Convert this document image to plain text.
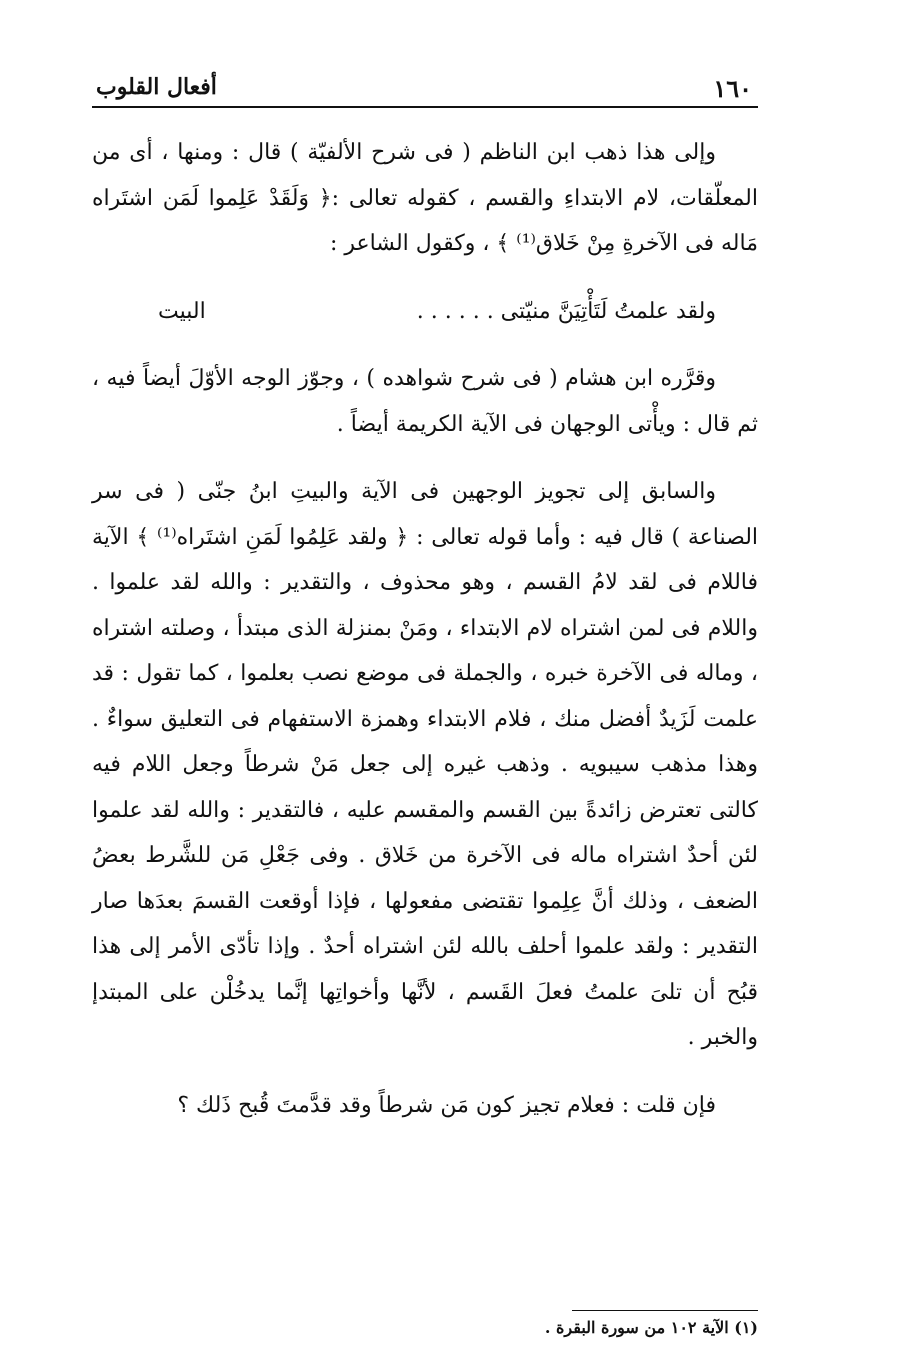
١٦٠
أفعال القلوب

وإلى هذا ذهب ابن الناظم ( فى شرح الألفيّة ) قال : ومنها ، أى من المعلّقات، لام الابتداءِ والقسم ، كقوله تعالى :﴿ وَلَقَدْ عَلِموا لَمَن اشتَراه مَاله فى الآخرةِ مِنْ خَلاق⁽¹⁾ ﴾ ، وكقول الشاعر :

ولقد علمتُ لَتَأْتِيَنَّ منيّتى . . . . . .
البيت

وقرَّره ابن هشام ( فى شرح شواهده ) ، وجوّز الوجه الأوّلَ أيضاً فيه ، ثم قال : ويأْتى الوجهان فى الآية الكريمة أيضاً .

والسابق إلى تجويز الوجهين فى الآية والبيتِ ابنُ جنّى ( فى سر الصناعة ) قال فيه : وأما قوله تعالى : ﴿ ولقد عَلِمُوا لَمَنِ اشتَراه⁽¹⁾ ﴾ الآية فاللام فى لقد لامُ القسم ، وهو محذوف ، والتقدير : والله لقد علموا . واللام فى لمن اشتراه لام الابتداء ، ومَنْ بمنزلة الذى مبتدأ ، وصلته اشتراه ، وماله فى الآخرة خبره ، والجملة فى موضع نصب بعلموا ، كما تقول : قد علمت لَزَيدٌ أفضل منك ، فلام الابتداء وهمزة الاستفهام فى التعليق سواءٌ . وهذا مذهب سيبويه . وذهب غيره إلى جعل مَنْ شرطاً وجعل اللام فيه كالتى تعترض زائدةً بين القسم والمقسم عليه ، فالتقدير : والله لقد علموا لئن أحدٌ اشتراه ماله فى الآخرة من خَلاق . وفى جَعْلِ مَن للشَّرط بعضُ الضعف ، وذلك أنَّ عِلِموا تقتضى مفعولها ، فإذا أوقعت القسمَ بعدَها صار التقدير : ولقد علموا أحلف بالله لئن اشتراه أحدٌ . وإذا تأدّى الأمر إلى هذا قبُح أن تلىَ علمتُ فعلَ القَسم ، لأنَّها وأخواتِها إنَّما يدخُلْن على المبتدإ والخبر .

فإن قلت : فعلام تجيز كون مَن شرطاً وقد قدَّمتَ قُبح ذَلك ؟

(١) الآية ١٠٢ من سورة البقرة .
